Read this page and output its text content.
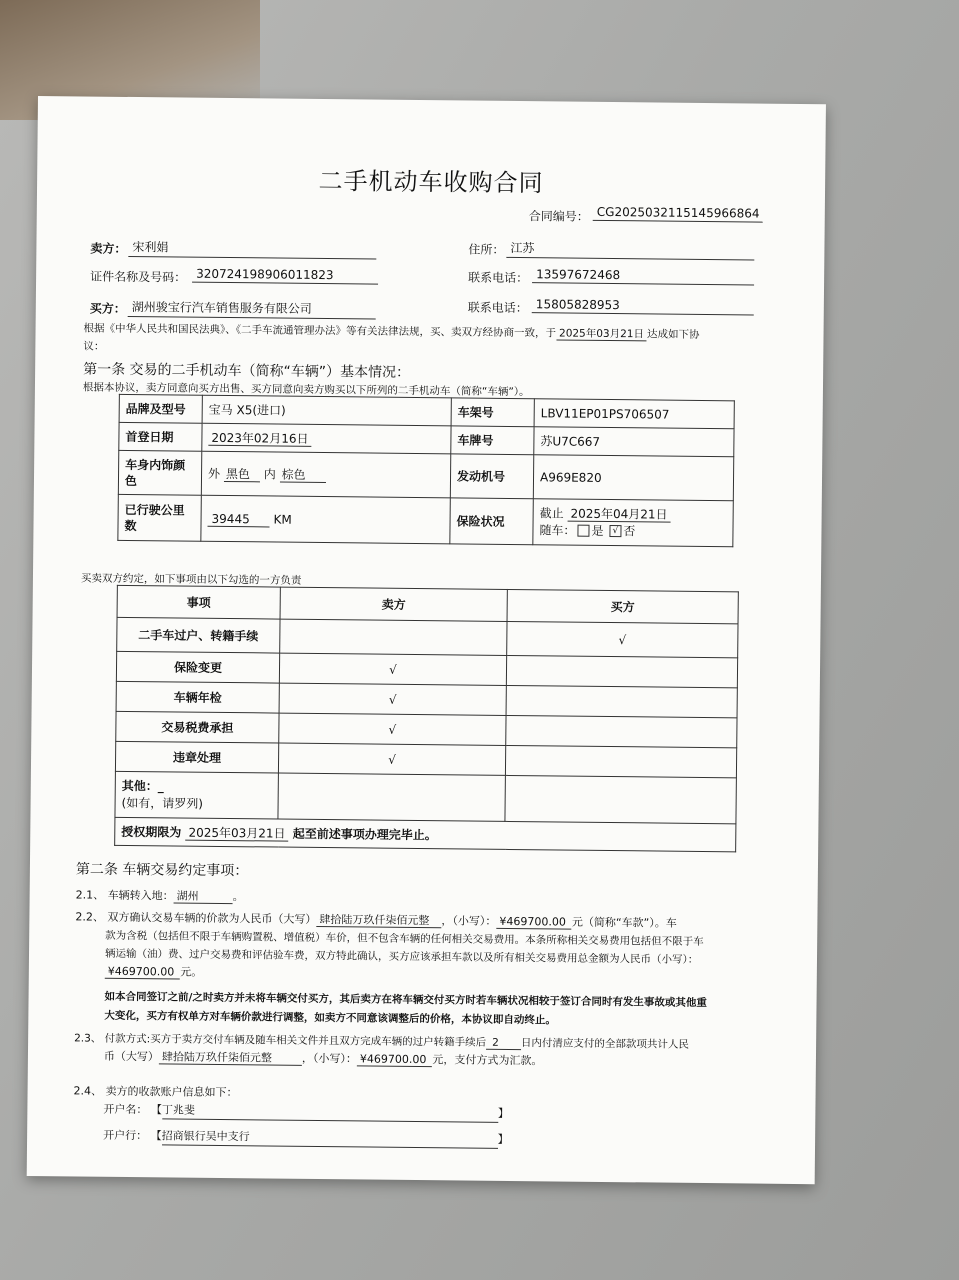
二手机动车收购合同
合同编号： CG2025032115145966864
卖方： 宋利娟	住所： 江苏
证件名称及号码： 320724198906011823	联系电话： 13597672468
买方： 湖州骏宝行汽车销售服务有限公司	联系电话： 15805828953
根据《中华人民共和国民法典》、《二手车流通管理办法》等有关法律法规，买、卖双方经协商一致，于 2025年03月21日 达成如下协
议：
第一条 交易的二手机动车（简称“车辆”）基本情况：
根据本协议，卖方同意向买方出售、买方同意向卖方购买以下所列的二手机动车（简称“车辆”）。
品牌及型号	宝马 X5(进口)	车架号	LBV11EP01PS706507
首登日期	2023年02月16日	车牌号	苏U7C667
车身内饰颜色	外 黑色 内 棕色	发动机号	A969E820
已行驶公里数	39445 KM	保险状况	截止 2025年04月21日
随车： 是 √ 否
买卖双方约定，如下事项由以下勾选的一方负责
事项	卖方	买方
二手车过户、转籍手续		√
保险变更	√	
车辆年检	√	
交易税费承担	√	
违章处理	√	
其他：_
(如有，请罗列)		
授权期限为 2025年03月21日 起至前述事项办理完毕止。		
第二条 车辆交易约定事项：
2.1、 车辆转入地： 湖州	。
2.2、 双方确认交易车辆的价款为人民币（大写） 肆拾陆万玖仟柒佰元整 ，（小写）： ¥469700.00 元（简称“车款”）。车
款为含税（包括但不限于车辆购置税、增值税）车价，但不包含车辆的任何相关交易费用。本条所称相关交易费用包括但不限于车
辆运输（油）费、过户交易费和评估验车费，双方特此确认，买方应该承担车款以及所有相关交易费用总金额为人民币（小写）：
¥469700.00 元。
如本合同签订之前/之时卖方并未将车辆交付买方，其后卖方在将车辆交付买方时若车辆状况相较于签订合同时有发生事故或其他重
大变化，买方有权单方对车辆价款进行调整，如卖方不同意该调整后的价格，本协议即自动终止。
2.3、 付款方式:买方于卖方交付车辆及随车相关文件并且双方完成车辆的过户转籍手续后 2 日内付清应支付的全部款项共计人民
币（大写） 肆拾陆万玖仟柒佰元整	，（小写）： ¥469700.00 元，支付方式为汇款。
2.4、 卖方的收款账户信息如下：
开户名： 【丁兆斐	】
开户行： 【招商银行吴中支行	】
